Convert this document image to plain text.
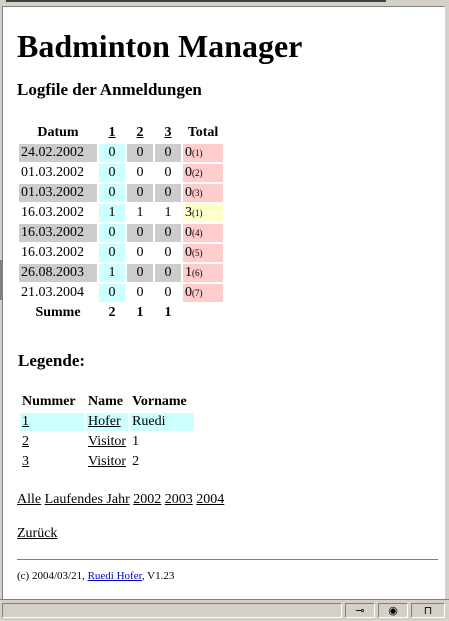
Badminton Manager
Logfile der Anmeldungen
Datum	1	2	3	Total
24.02.2002	0	0	0	0(1)
01.03.2002	0	0	0	0(2)
01.03.2002	0	0	0	0(3)
16.03.2002	1	1	1	3(1)
16.03.2002	0	0	0	0(4)
16.03.2002	0	0	0	0(5)
26.08.2003	1	0	0	1(6)
21.03.2004	0	0	0	0(7)
Summe	2	1	1	
Legende:
Nummer	Name	Vorname
1	Hofer	Ruedi
2	Visitor	1
3	Visitor	2
Alle Laufendes Jahr 2002 2003 2004
Zurück
(c) 2004/03/21, Ruedi Hofer, V1.23
⊸	◉	⊓
